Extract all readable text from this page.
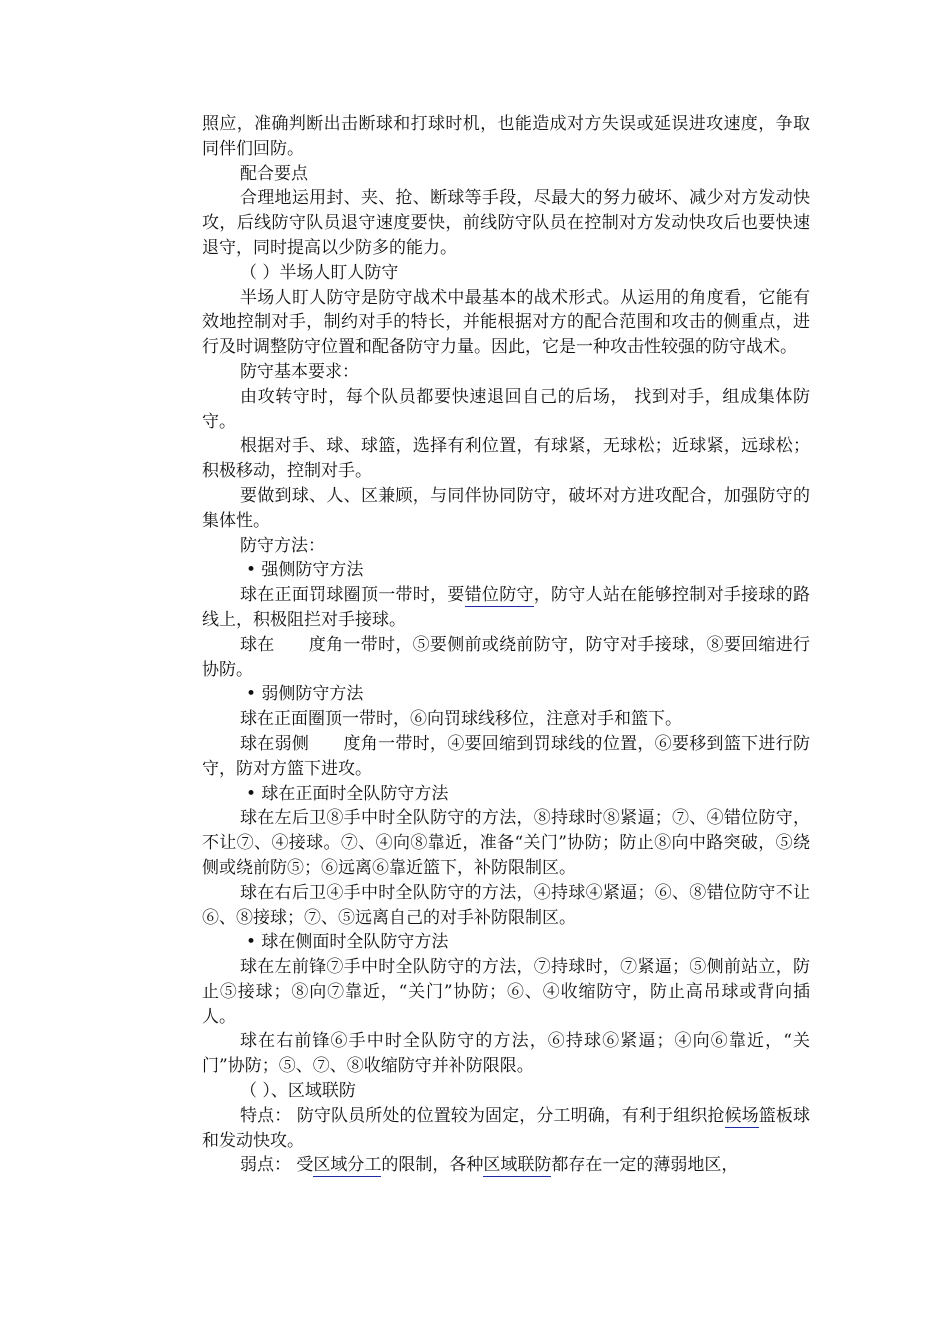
照应，准确判断出击断球和打球时机，也能造成对方失误或延误进攻速度，争取同伴们回防。

配合要点

合理地运用封、夹、抢、断球等手段，尽最大的努力破坏、减少对方发动快攻，后线防守队员退守速度要快，前线防守队员在控制对方发动快攻后也要快速退守，同时提高以少防多的能力。

（ ）半场人盯人防守

半场人盯人防守是防守战术中最基本的战术形式。从运用的角度看，它能有效地控制对手，制约对手的特长，并能根据对方的配合范围和攻击的侧重点，进行及时调整防守位置和配备防守力量。因此，它是一种攻击性较强的防守战术。

防守基本要求：

由攻转守时，每个队员都要快速退回自己的后场， 找到对手，组成集体防守。

根据对手、球、球篮，选择有利位置，有球紧，无球松；近球紧，远球松；积极移动，控制对手。

要做到球、人、区兼顾，与同伴协同防守，破坏对方进攻配合，加强防守的集体性。

防守方法：

• 强侧防守方法

球在正面罚球圈顶一带时，要错位防守，防守人站在能够控制对手接球的路线上，积极阻拦对手接球。

球在 度角一带时，⑤要侧前或绕前防守，防守对手接球，⑧要回缩进行协防。

• 弱侧防守方法

球在正面圈顶一带时，⑥向罚球线移位，注意对手和篮下。

球在弱侧 度角一带时，④要回缩到罚球线的位置，⑥要移到篮下进行防守，防对方篮下进攻。

• 球在正面时全队防守方法

球在左后卫⑧手中时全队防守的方法，⑧持球时⑧紧逼；⑦、④错位防守，不让⑦、④接球。⑦、④向⑧靠近，准备“关门”协防；防止⑧向中路突破，⑤绕侧或绕前防⑤；⑥远离⑥靠近篮下，补防限制区。

球在右后卫④手中时全队防守的方法，④持球④紧逼；⑥、⑧错位防守不让⑥、⑧接球；⑦、⑤远离自己的对手补防限制区。

• 球在侧面时全队防守方法

球在左前锋⑦手中时全队防守的方法，⑦持球时，⑦紧逼；⑤侧前站立，防止⑤接球；⑧向⑦靠近，“关门”协防；⑥、④收缩防守，防止高吊球或背向插人。

球在右前锋⑥手中时全队防守的方法，⑥持球⑥紧逼；④向⑥靠近，“关门”协防；⑤、⑦、⑧收缩防守并补防限限。

（ ）、区域联防

特点： 防守队员所处的位置较为固定，分工明确，有利于组织抢候场篮板球和发动快攻。

弱点： 受区域分工的限制，各种区域联防都存在一定的薄弱地区，
